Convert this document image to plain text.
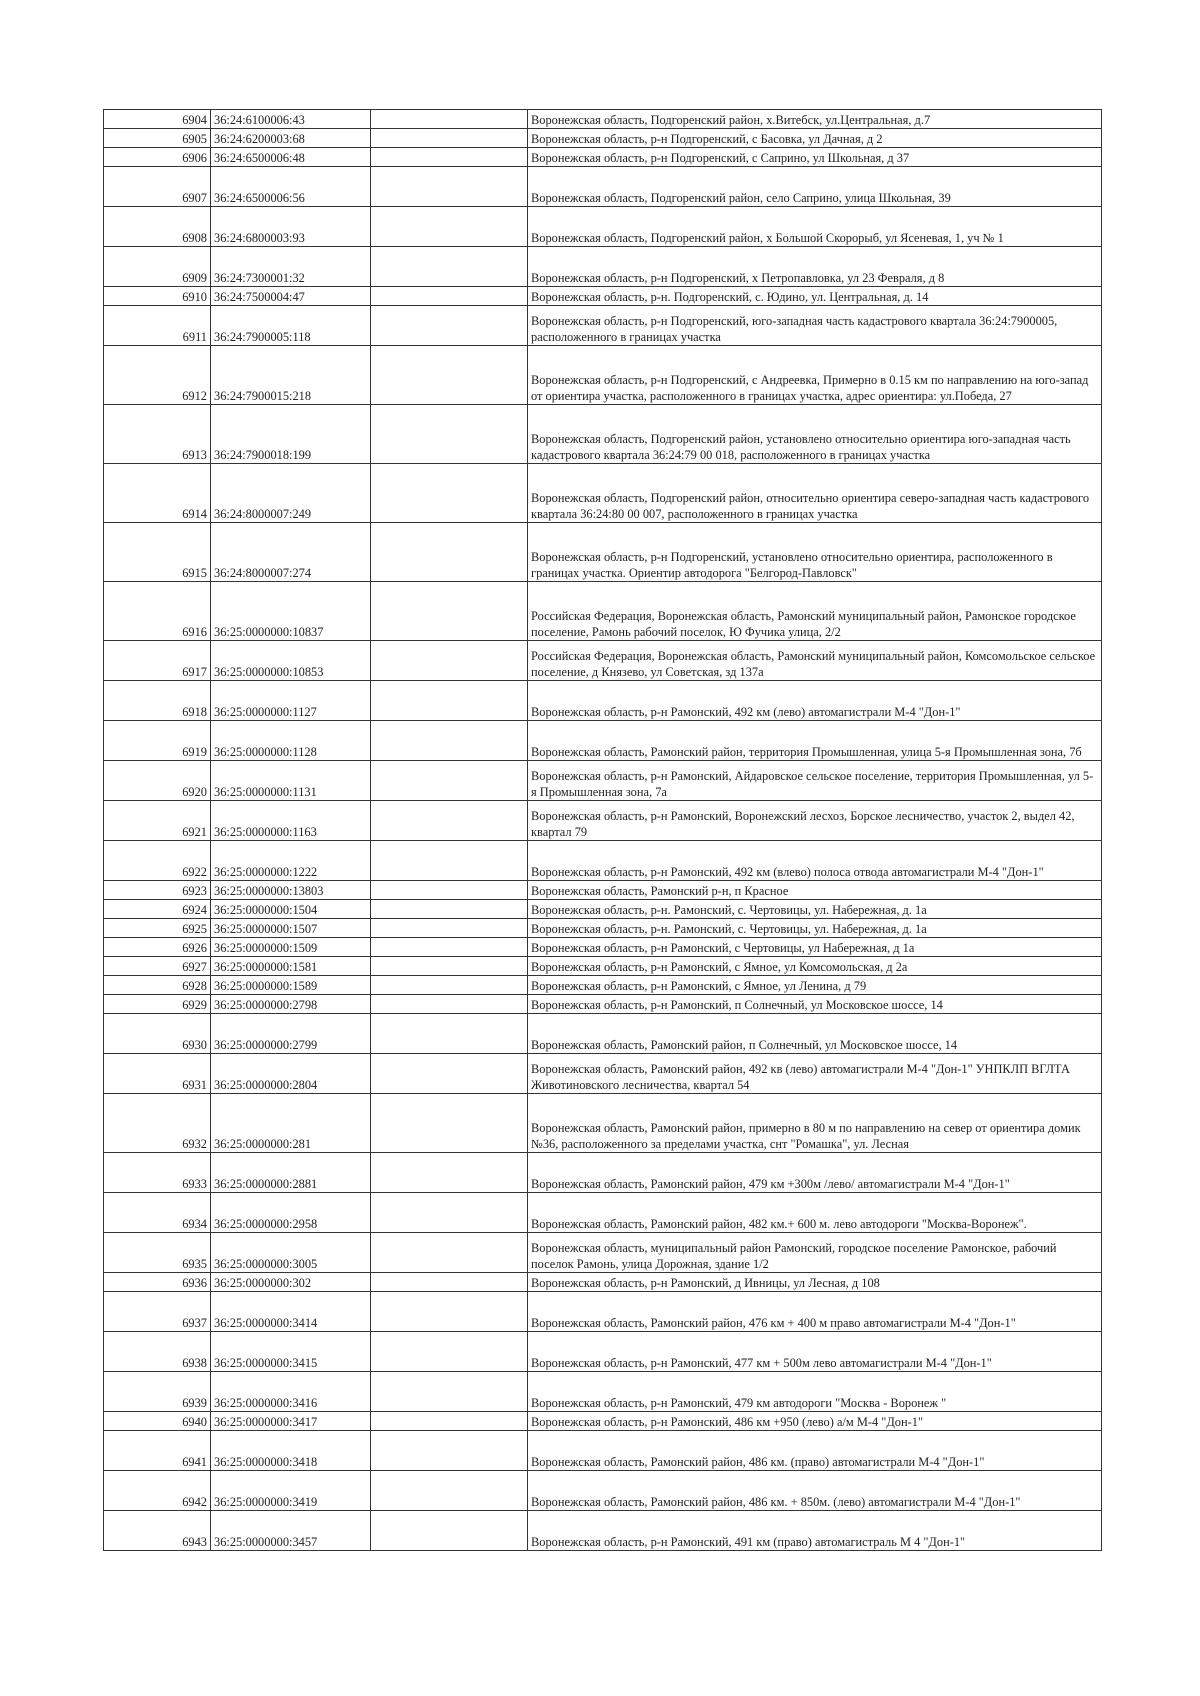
6904	36:24:6100006:43		Воронежская область, Подгоренский район, х.Витебск, ул.Центральная, д.7
6905	36:24:6200003:68		Воронежская область, р-н Подгоренский, с Басовка, ул Дачная, д 2
6906	36:24:6500006:48		Воронежская область, р-н Подгоренский, с Саприно, ул Школьная, д 37
6907	36:24:6500006:56		Воронежская область, Подгоренский район, село Саприно, улица Школьная, 39
6908	36:24:6800003:93		Воронежская область, Подгоренский район, х Большой Скорорыб, ул Ясеневая, 1, уч № 1
6909	36:24:7300001:32		Воронежская область, р-н Подгоренский, х Петропавловка, ул 23 Февраля, д 8
6910	36:24:7500004:47		Воронежская область, р-н. Подгоренский, с. Юдино, ул. Центральная, д. 14
6911	36:24:7900005:118		Воронежская область, р-н Подгоренский, юго-западная часть кадастрового квартала 36:24:7900005, расположенного в границах участка
6912	36:24:7900015:218		Воронежская область, р-н Подгоренский, с Андреевка, Примерно в 0.15 км по направлению на юго-запад от ориентира участка, расположенного в границах участка, адрес ориентира: ул.Победа, 27
6913	36:24:7900018:199		Воронежская область, Подгоренский район, установлено относительно ориентира юго-западная часть кадастрового квартала 36:24:79 00 018, расположенного в границах участка
6914	36:24:8000007:249		Воронежская область, Подгоренский район, относительно ориентира северо-западная часть кадастрового квартала 36:24:80 00 007, расположенного в границах участка
6915	36:24:8000007:274		Воронежская область, р-н Подгоренский, установлено относительно ориентира, расположенного в границах участка. Ориентир автодорога "Белгород-Павловск"
6916	36:25:0000000:10837		Российская Федерация, Воронежская область, Рамонский муниципальный район, Рамонское городское поселение, Рамонь рабочий поселок, Ю Фучика улица, 2/2
6917	36:25:0000000:10853		Российская Федерация, Воронежская область, Рамонский муниципальный район, Комсомольское сельское поселение, д Князево, ул Советская, зд 137а
6918	36:25:0000000:1127		Воронежская область, р-н Рамонский, 492 км (лево) автомагистрали М-4 "Дон-1"
6919	36:25:0000000:1128		Воронежская область, Рамонский район, территория Промышленная, улица 5-я Промышленная зона, 7б
6920	36:25:0000000:1131		Воронежская область, р-н Рамонский, Айдаровское сельское поселение, территория Промышленная, ул 5-я Промышленная зона, 7а
6921	36:25:0000000:1163		Воронежская область, р-н Рамонский, Воронежский лесхоз, Борское лесничество, участок 2, выдел 42, квартал 79
6922	36:25:0000000:1222		Воронежская область, р-н Рамонский, 492 км (влево) полоса отвода автомагистрали М-4 "Дон-1"
6923	36:25:0000000:13803		Воронежская область, Рамонский р-н, п Красное
6924	36:25:0000000:1504		Воронежская область, р-н. Рамонский, с. Чертовицы, ул. Набережная, д. 1а
6925	36:25:0000000:1507		Воронежская область, р-н. Рамонский, с. Чертовицы, ул. Набережная, д. 1а
6926	36:25:0000000:1509		Воронежская область, р-н Рамонский, с Чертовицы, ул Набережная, д 1а
6927	36:25:0000000:1581		Воронежская область, р-н Рамонский, с Ямное, ул Комсомольская, д 2а
6928	36:25:0000000:1589		Воронежская область, р-н Рамонский, с Ямное, ул Ленина, д 79
6929	36:25:0000000:2798		Воронежская область, р-н Рамонский, п Солнечный, ул Московское шоссе, 14
6930	36:25:0000000:2799		Воронежская область, Рамонский район, п Солнечный, ул Московское шоссе, 14
6931	36:25:0000000:2804		Воронежская область, Рамонский район, 492 кв (лево) автомагистрали М-4 "Дон-1" УНПКЛП ВГЛТА Животиновского лесничества, квартал 54
6932	36:25:0000000:281		Воронежская область, Рамонский район, примерно в 80 м по направлению на север от ориентира домик №36, расположенного за пределами участка, снт "Ромашка", ул. Лесная
6933	36:25:0000000:2881		Воронежская область, Рамонский район, 479 км +300м /лево/ автомагистрали М-4 "Дон-1"
6934	36:25:0000000:2958		Воронежская область, Рамонский район, 482 км.+ 600 м. лево автодороги "Москва-Воронеж".
6935	36:25:0000000:3005		Воронежская область, муниципальный район Рамонский, городское поселение Рамонское, рабочий поселок Рамонь, улица Дорожная, здание 1/2
6936	36:25:0000000:302		Воронежская область, р-н Рамонский, д Ивницы, ул Лесная, д 108
6937	36:25:0000000:3414		Воронежская область, Рамонский район, 476 км + 400 м право автомагистрали М-4 "Дон-1"
6938	36:25:0000000:3415		Воронежская область, р-н Рамонский, 477 км + 500м лево автомагистрали М-4 "Дон-1"
6939	36:25:0000000:3416		Воронежская область, р-н Рамонский, 479 км автодороги "Москва - Воронеж "
6940	36:25:0000000:3417		Воронежская область, р-н Рамонский, 486 км +950 (лево) а/м М-4 "Дон-1"
6941	36:25:0000000:3418		Воронежская область, Рамонский район, 486 км. (право) автомагистрали М-4 "Дон-1"
6942	36:25:0000000:3419		Воронежская область, Рамонский район, 486 км. + 850м. (лево) автомагистрали М-4 "Дон-1"
6943	36:25:0000000:3457		Воронежская область, р-н Рамонский, 491 км (право) автомагистраль М 4 "Дон-1"
